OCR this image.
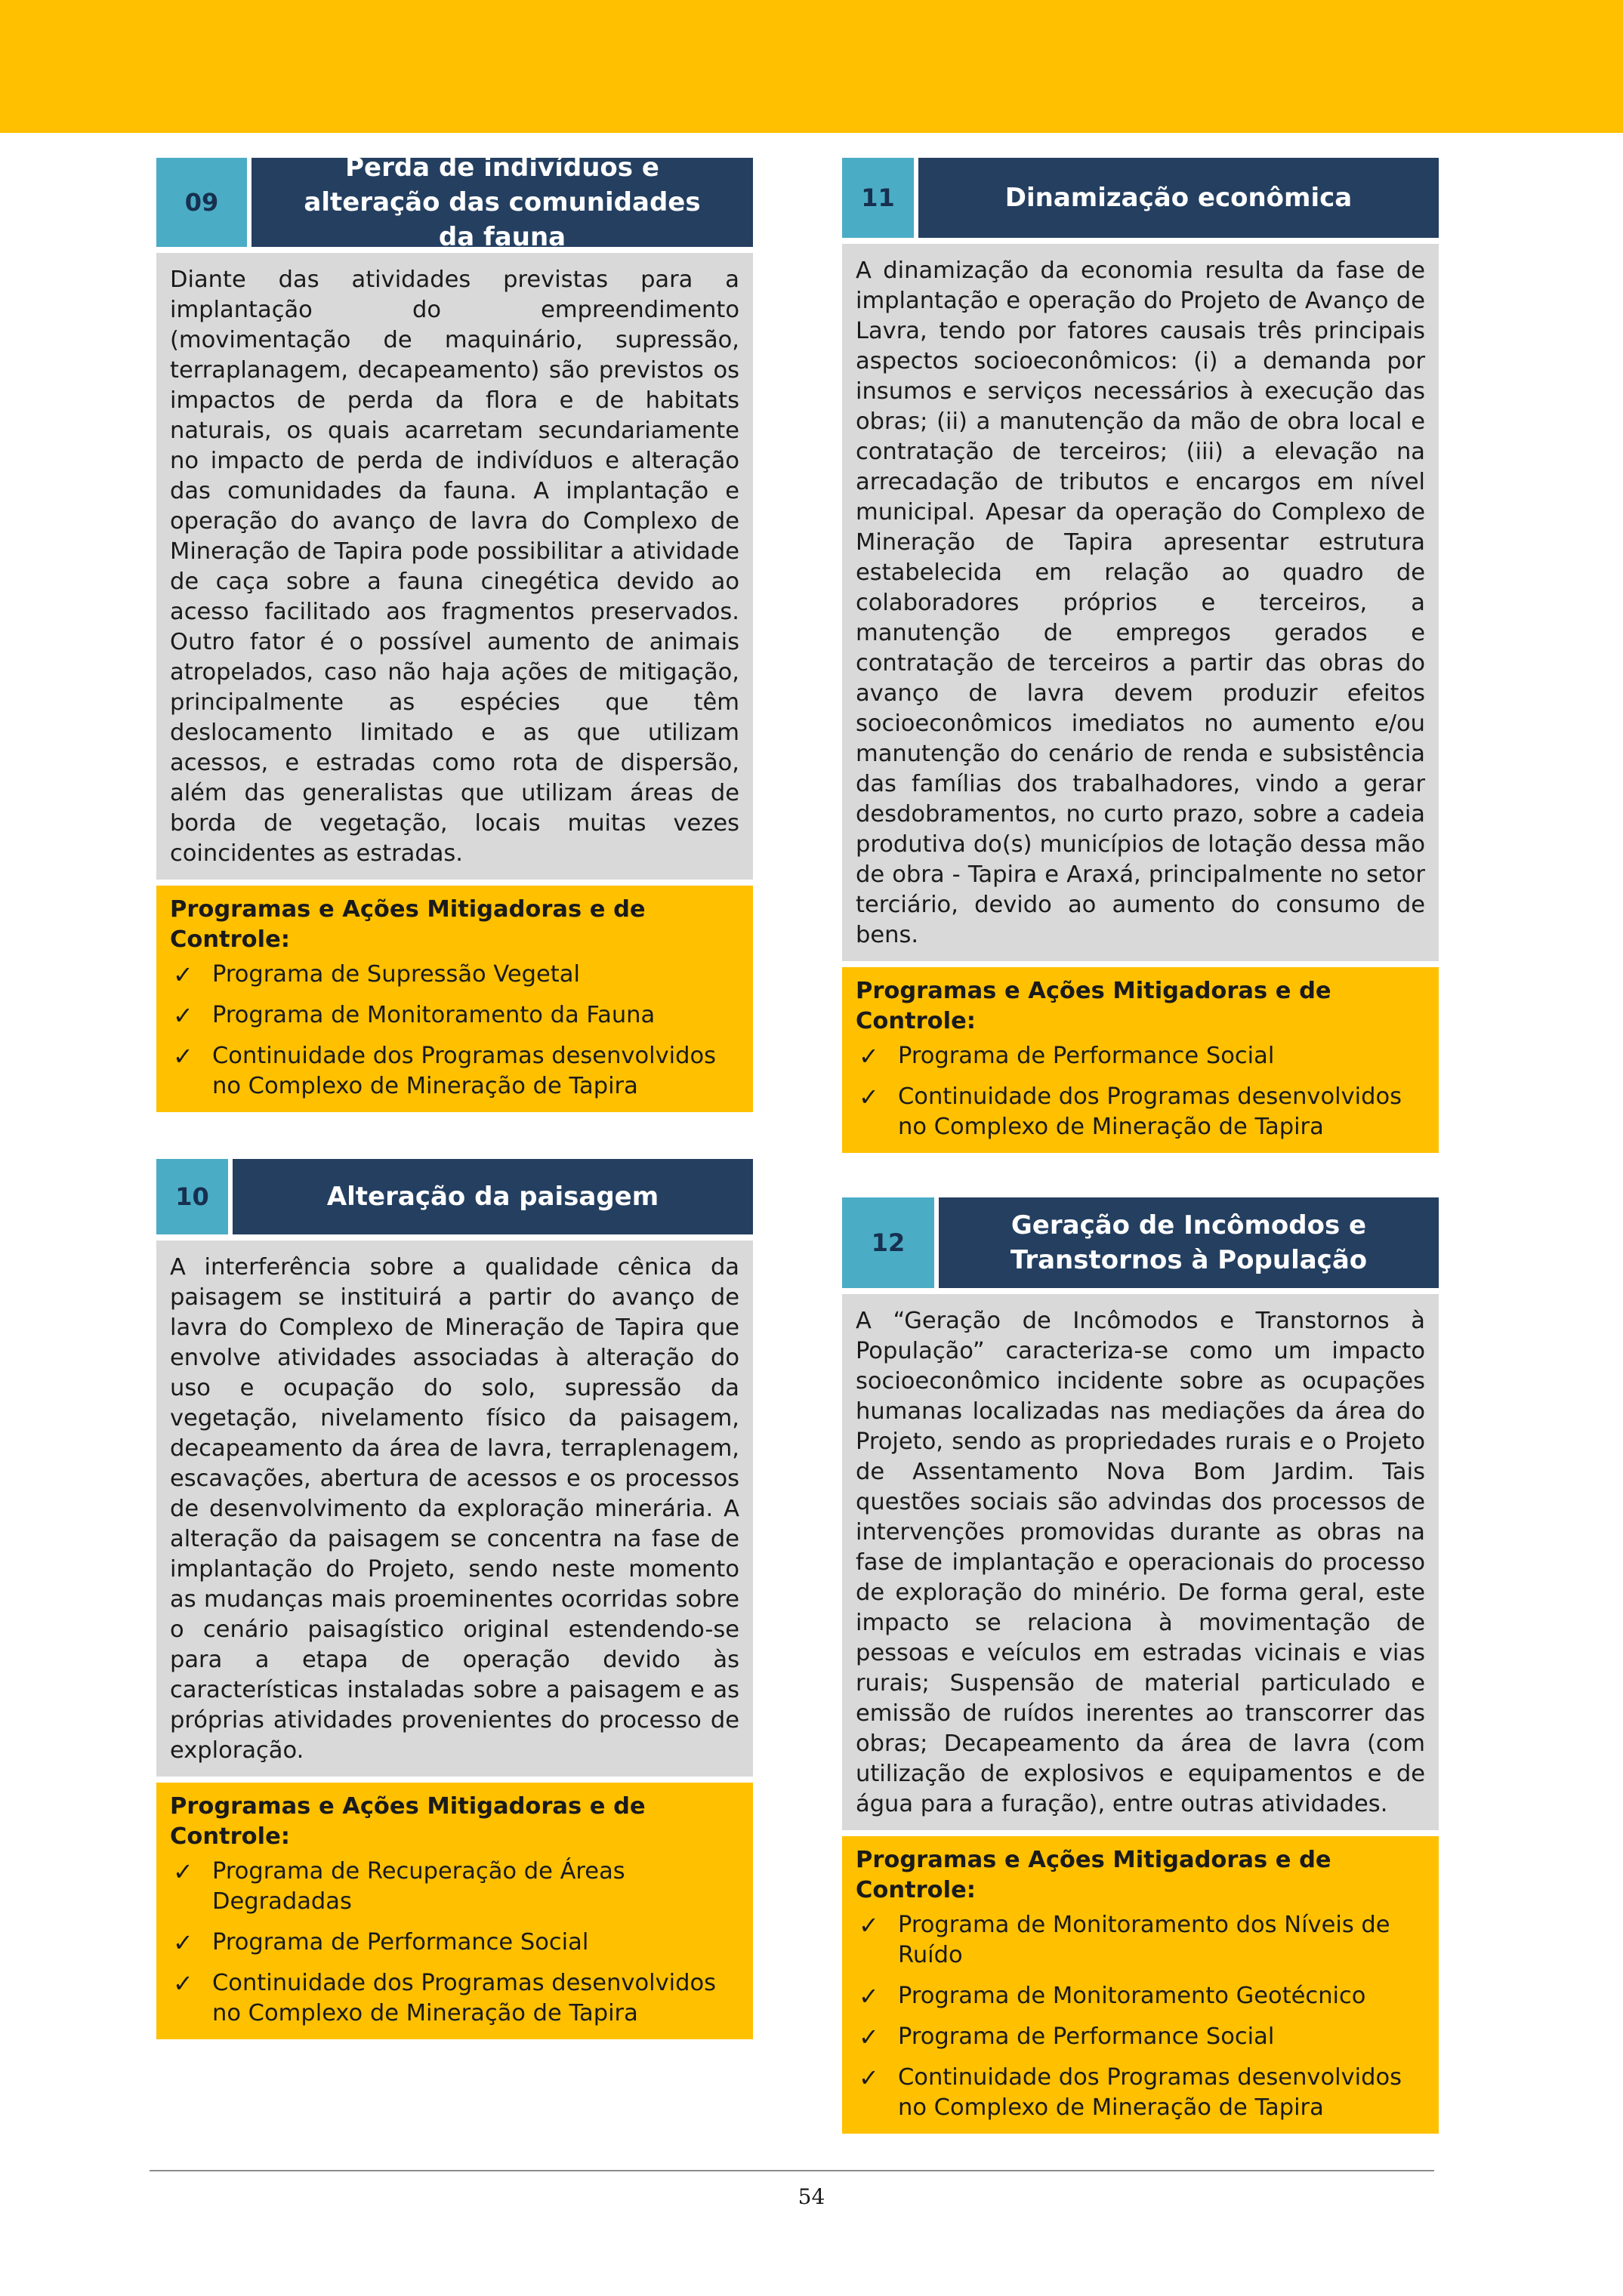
09
Perda de indivíduos e alteração das comunidades da fauna
Diante das atividades previstas para a implantação do empreendimento (movimentação de maquinário, supressão, terraplanagem, decapeamento) são previstos os impactos de perda da flora e de habitats naturais, os quais acarretam secundariamente no impacto de perda de indivíduos e alteração das comunidades da fauna. A implantação e operação do avanço de lavra do Complexo de Mineração de Tapira pode possibilitar a atividade de caça sobre a fauna cinegética devido ao acesso facilitado aos fragmentos preservados. Outro fator é o possível aumento de animais atropelados, caso não haja ações de mitigação, principalmente as espécies que têm deslocamento limitado e as que utilizam acessos, e estradas como rota de dispersão, além das generalistas que utilizam áreas de borda de vegetação, locais muitas vezes coincidentes as estradas.
Programas e Ações Mitigadoras e de Controle:
✓ Programa de Supressão Vegetal
✓ Programa de Monitoramento da Fauna
✓ Continuidade dos Programas desenvolvidos no Complexo de Mineração de Tapira
11	Dinamização econômica
A dinamização da economia resulta da fase de implantação e operação do Projeto de Avanço de Lavra, tendo por fatores causais três principais aspectos socioeconômicos: (i) a demanda por insumos e serviços necessários à execução das obras; (ii) a manutenção da mão de obra local e contratação de terceiros; (iii) a elevação na arrecadação de tributos e encargos em nível municipal. Apesar da operação do Complexo de Mineração de Tapira apresentar estrutura estabelecida em relação ao quadro de colaboradores próprios e terceiros, a manutenção de empregos gerados e contratação de terceiros a partir das obras do avanço de lavra devem produzir efeitos socioeconômicos imediatos no aumento e/ou manutenção do cenário de renda e subsistência das famílias dos trabalhadores, vindo a gerar desdobramentos, no curto prazo, sobre a cadeia produtiva do(s) municípios de lotação dessa mão de obra - Tapira e Araxá, principalmente no setor terciário, devido ao aumento do consumo de bens.
Programas e Ações Mitigadoras e de Controle:
✓ Programa de Performance Social
✓ Continuidade dos Programas desenvolvidos no Complexo de Mineração de Tapira
10	Alteração da paisagem
A interferência sobre a qualidade cênica da paisagem se instituirá a partir do avanço de lavra do Complexo de Mineração de Tapira que envolve atividades associadas à alteração do uso e ocupação do solo, supressão da vegetação, nivelamento físico da paisagem, decapeamento da área de lavra, terraplenagem, escavações, abertura de acessos e os processos de desenvolvimento da exploração minerária. A alteração da paisagem se concentra na fase de implantação do Projeto, sendo neste momento as mudanças mais proeminentes ocorridas sobre o cenário paisagístico original estendendo-se para a etapa de operação devido às características instaladas sobre a paisagem e as próprias atividades provenientes do processo de exploração.
Programas e Ações Mitigadoras e de Controle:
✓ Programa de Recuperação de Áreas Degradadas
✓ Programa de Performance Social
✓ Continuidade dos Programas desenvolvidos no Complexo de Mineração de Tapira
12
Geração de Incômodos e Transtornos à População
A “Geração de Incômodos e Transtornos à População” caracteriza-se como um impacto socioeconômico incidente sobre as ocupações humanas localizadas nas mediações da área do Projeto, sendo as propriedades rurais e o Projeto de Assentamento Nova Bom Jardim. Tais questões sociais são advindas dos processos de intervenções promovidas durante as obras na fase de implantação e operacionais do processo de exploração do minério. De forma geral, este impacto se relaciona à movimentação de pessoas e veículos em estradas vicinais e vias rurais; Suspensão de material particulado e emissão de ruídos inerentes ao transcorrer das obras; Decapeamento da área de lavra (com utilização de explosivos e equipamentos e de água para a furação), entre outras atividades.
Programas e Ações Mitigadoras e de Controle:
✓ Programa de Monitoramento dos Níveis de Ruído
✓ Programa de Monitoramento Geotécnico
✓ Programa de Performance Social
✓ Continuidade dos Programas desenvolvidos no Complexo de Mineração de Tapira
54
